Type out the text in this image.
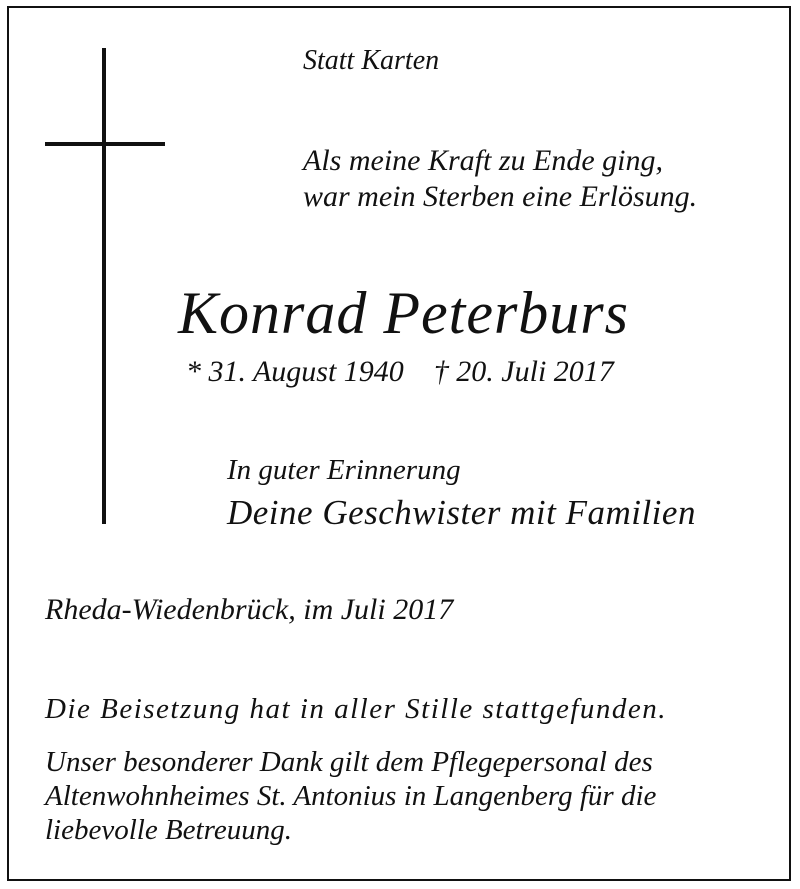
Statt Karten

Als meine Kraft zu Ende ging,
war mein Sterben eine Erlösung.

Konrad Peterburs

* 31. August 1940 † 20. Juli 2017

In guter Erinnerung

Deine Geschwister mit Familien

Rheda-Wiedenbrück, im Juli 2017

Die Beisetzung hat in aller Stille stattgefunden.

Unser besonderer Dank gilt dem Pflegepersonal des
Altenwohnheimes St. Antonius in Langenberg für die
liebevolle Betreuung.
